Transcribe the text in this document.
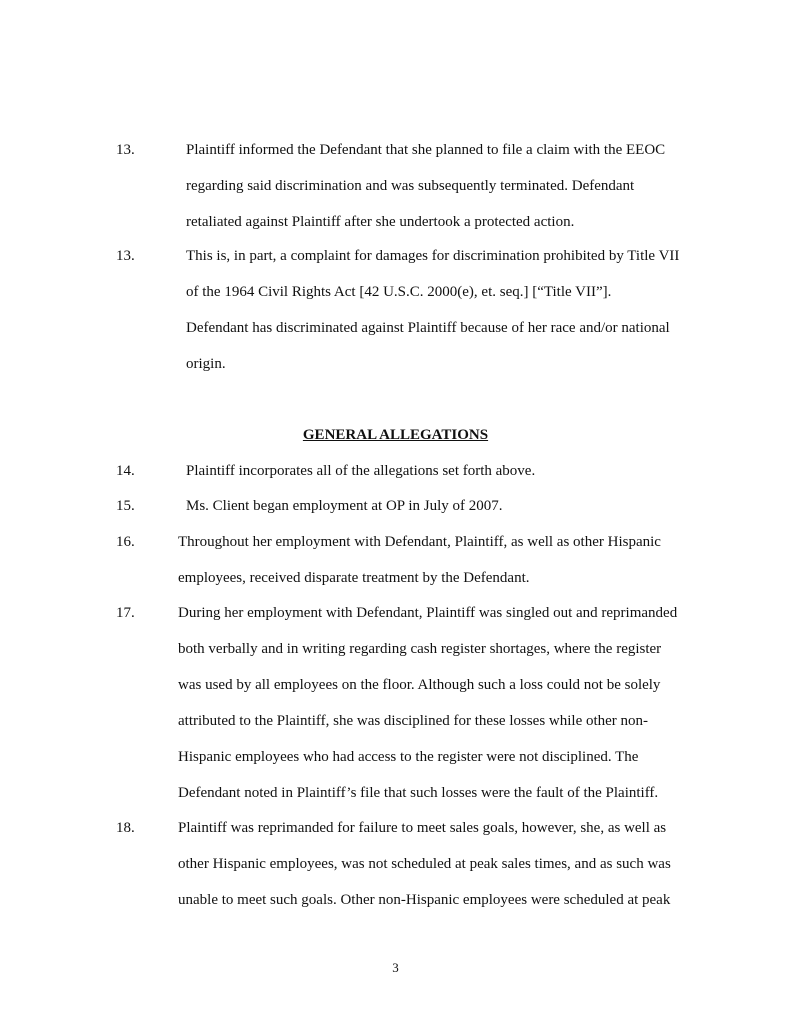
13.	Plaintiff informed the Defendant that she planned to file a claim with the EEOC
regarding said discrimination and was subsequently terminated. Defendant
retaliated against Plaintiff after she undertook a protected action.
13.	This is, in part, a complaint for damages for discrimination prohibited by Title VII
of the 1964 Civil Rights Act [42 U.S.C. 2000(e), et. seq.] [“Title VII”].
Defendant has discriminated against Plaintiff because of her race and/or national
origin.
GENERAL ALLEGATIONS
14.	Plaintiff incorporates all of the allegations set forth above.
15.	Ms. Client began employment at OP in July of 2007.
16.	Throughout her employment with Defendant, Plaintiff, as well as other Hispanic
employees, received disparate treatment by the Defendant.
17.	During her employment with Defendant, Plaintiff was singled out and reprimanded
both verbally and in writing regarding cash register shortages, where the register
was used by all employees on the floor. Although such a loss could not be solely
attributed to the Plaintiff, she was disciplined for these losses while other non-
Hispanic employees who had access to the register were not disciplined. The
Defendant noted in Plaintiff’s file that such losses were the fault of the Plaintiff.
18.	Plaintiff was reprimanded for failure to meet sales goals, however, she, as well as
other Hispanic employees, was not scheduled at peak sales times, and as such was
unable to meet such goals. Other non-Hispanic employees were scheduled at peak
3
